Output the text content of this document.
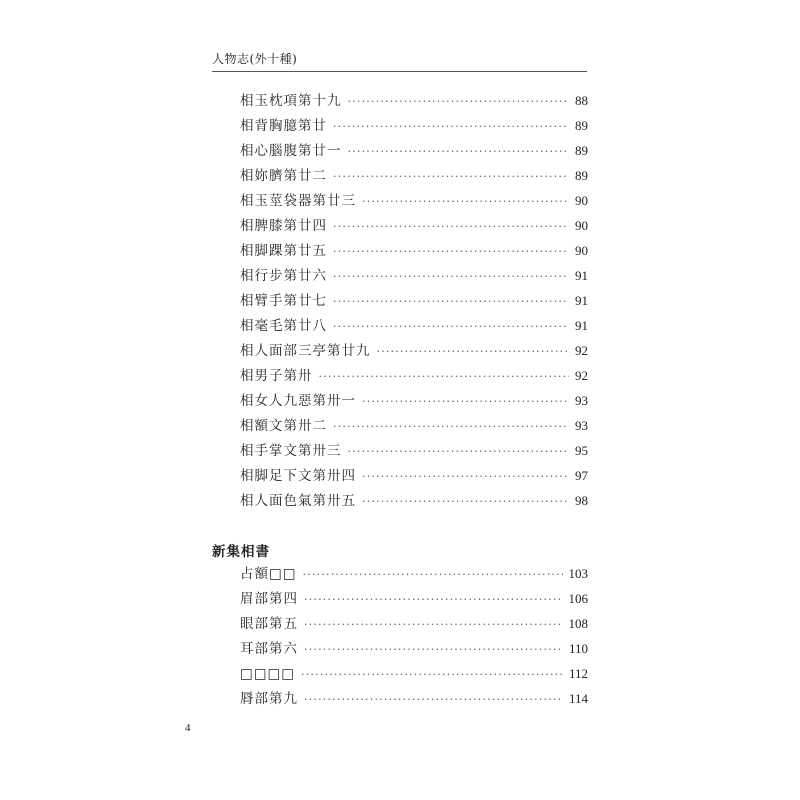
人物志(外十種)
相玉枕項第十九 ·····	88
相背胸臆第廿 ·····	89
相心腦腹第廿一 ·····	89
相妳臍第廿二 ·····	89
相玉莖袋器第廿三 ·····	90
相脾膝第廿四 ·····	90
相脚踝第廿五 ·····	90
相行步第廿六 ·····	91
相臂手第廿七 ·····	91
相毫毛第廿八 ·····	91
相人面部三亭第廿九 ·····	92
相男子第卅 ·····	92
相女人九惡第卅一 ·····	93
相額文第卅二 ·····	93
相手掌文第卅三 ·····	95
相脚足下文第卅四 ·····	97
相人面色氣第卅五 ·····	98
新集相書
占額□□ ·····	103
眉部第四 ·····	106
眼部第五 ·····	108
耳部第六 ·····	110
□□□□ ·····	112
脣部第九 ·····	114
4
